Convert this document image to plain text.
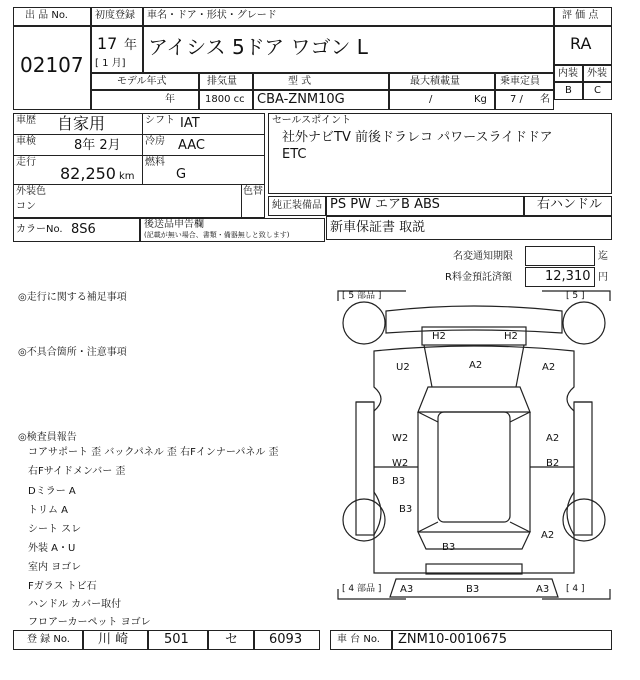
出 品 No.
02107
初度登録
17 年
[ 1 月]
車名・ドア・形状・グレード
アイシス 5ドア ワゴン L
評 価 点
RA
内装 外装
B C
モデル年式
年
排気量
1800 cc
型 式
CBA-ZNM10G
最大積載量
/	Kg
乗車定員
7 / 名
車歴 自家用	シフト IAT
車検	8年 2月 冷房 AAC
走行
82,250 km
燃料
G
外装色
コン
色替
カラーNo. 8S6	後送品申告欄
(記載が無い場合、書類・備器無しと致します)
セールスポイント
社外ナビTV 前後ドラレコ パワースライドドア
ETC
純正装備品 PS PW エアB ABS	右ハンドル
新車保証書 取説
名変通知期限	迄
R料金預託済額	12,310 円
◎走行に関する補足事項
◎不具合箇所・注意事項
◎検査員報告
コアサポート 歪 バックパネル 歪 右Fインナーパネル 歪
右Fサイドメンバー 歪
Dミラー A
トリム A
シート スレ
外装 A・U
室内 ヨゴレ
Fガラス トビ石
ハンドル カバー取付
フロアーカーペット ヨゴレ
[ 5 部品 ]	[ 5 ]
[ 4 部品 ]	[ 4 ]
H2	H2
U2	A2	A2
W2	A2
W2	B2
B3
B3
A2
B3
A3	B3	A3
登 録 No. 川 崎	501	セ 6093	車 台 No. ZNM10-0010675
